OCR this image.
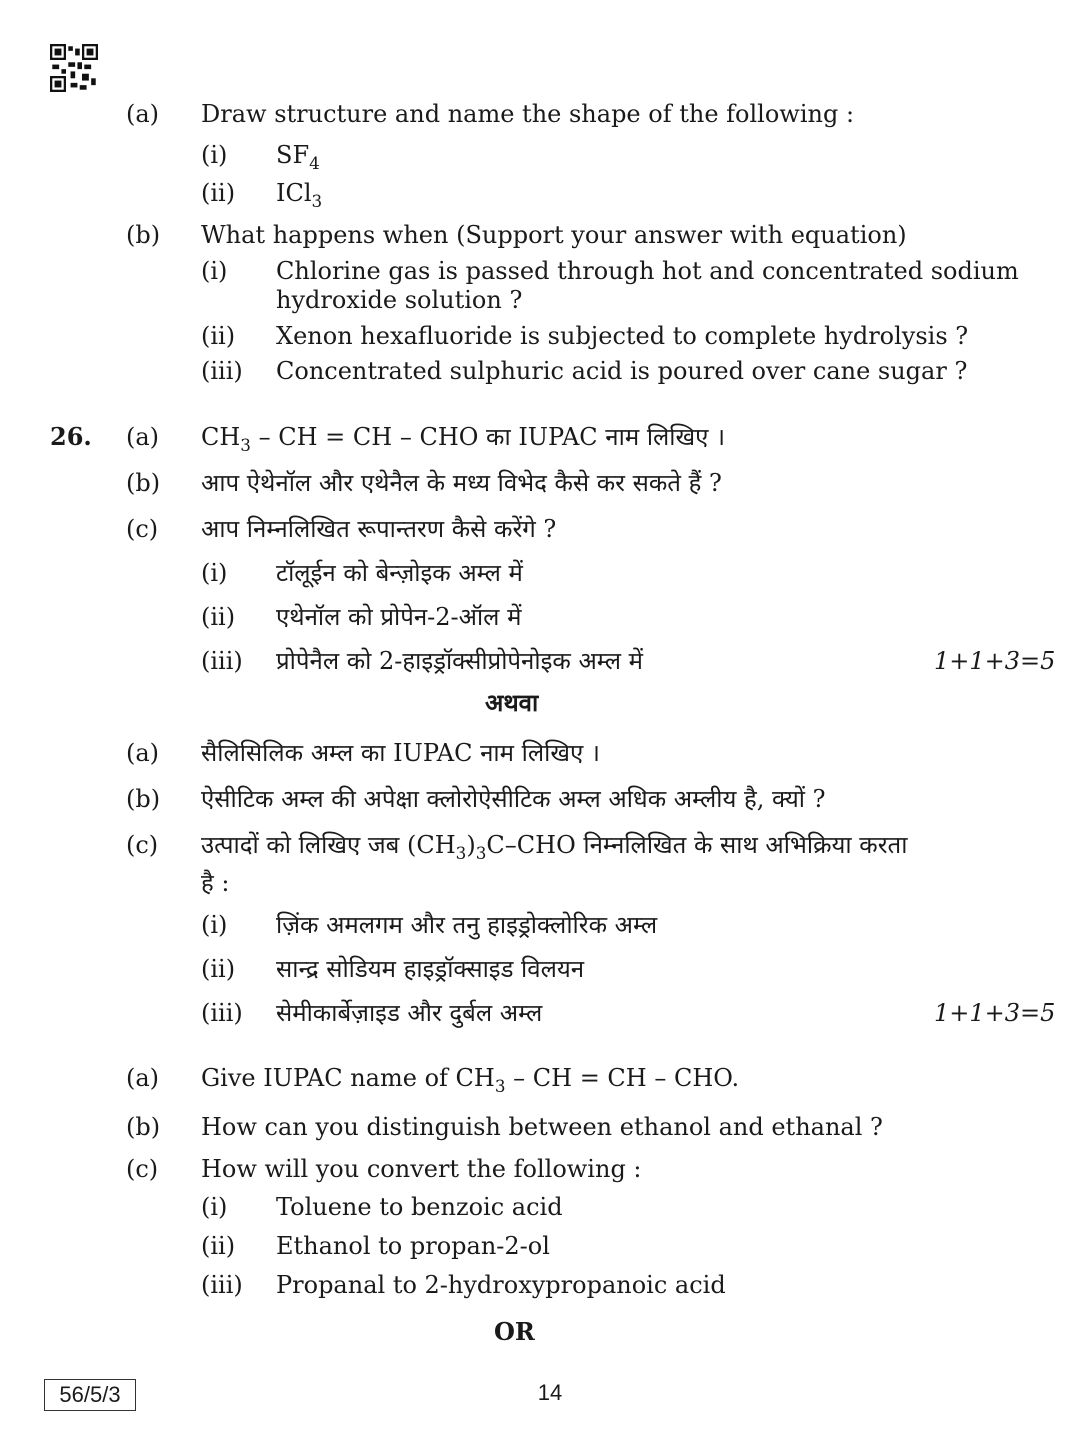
(a) Draw structure and name the shape of the following :
(i) $SF_4$
(ii) ICl$_3$
(b) What happens when (Support your answer with equation)
(i) Chlorine gas is passed through hot and concentrated sodium
hydroxide solution ?
(ii) Xenon hexafluoride is subjected to complete hydrolysis ?
(iii) Concentrated sulphuric acid is poured over cane sugar ?
26. (a) $CH_3$ – CH = CH – CHO का IUPAC नाम लिखिए ।
(b) आप ऐथेनॉल और एथेनैल के मध्य विभेद कैसे कर सकते हैं ?
(c) आप निम्नलिखित रूपान्तरण कैसे करेंगे ?
(i) टॉलूईन को बेन्ज़ोइक अम्ल में
(ii) एथेनॉल को प्रोपेन-2-ऑल में
(iii) प्रोपेनैल को 2-हाइड्रॉक्सीप्रोपेनोइक अम्ल में	1+1+3=5
अथवा
(a) सैलिसिलिक अम्ल का IUPAC नाम लिखिए ।
(b) ऐसीटिक अम्ल की अपेक्षा क्लोरोऐसीटिक अम्ल अधिक अम्लीय है, क्यों ?
(c) उत्पादों को लिखिए जब $(CH_3)_3C$–CHO निम्नलिखित के साथ अभिक्रिया करता
है :
(i) ज़िंक अमलगम और तनु हाइड्रोक्लोरिक अम्ल
(ii) सान्द्र सोडियम हाइड्रॉक्साइड विलयन
(iii) सेमीकार्बेज़ाइड और दुर्बल अम्ल	1+1+3=5
(a) Give IUPAC name of $CH_3$ – CH = CH – CHO.
(b) How can you distinguish between ethanol and ethanal ?
(c) How will you convert the following :
(i) Toluene to benzoic acid
(ii) Ethanol to propan-2-ol
(iii) Propanal to 2-hydroxypropanoic acid
OR
56/5/3	14
